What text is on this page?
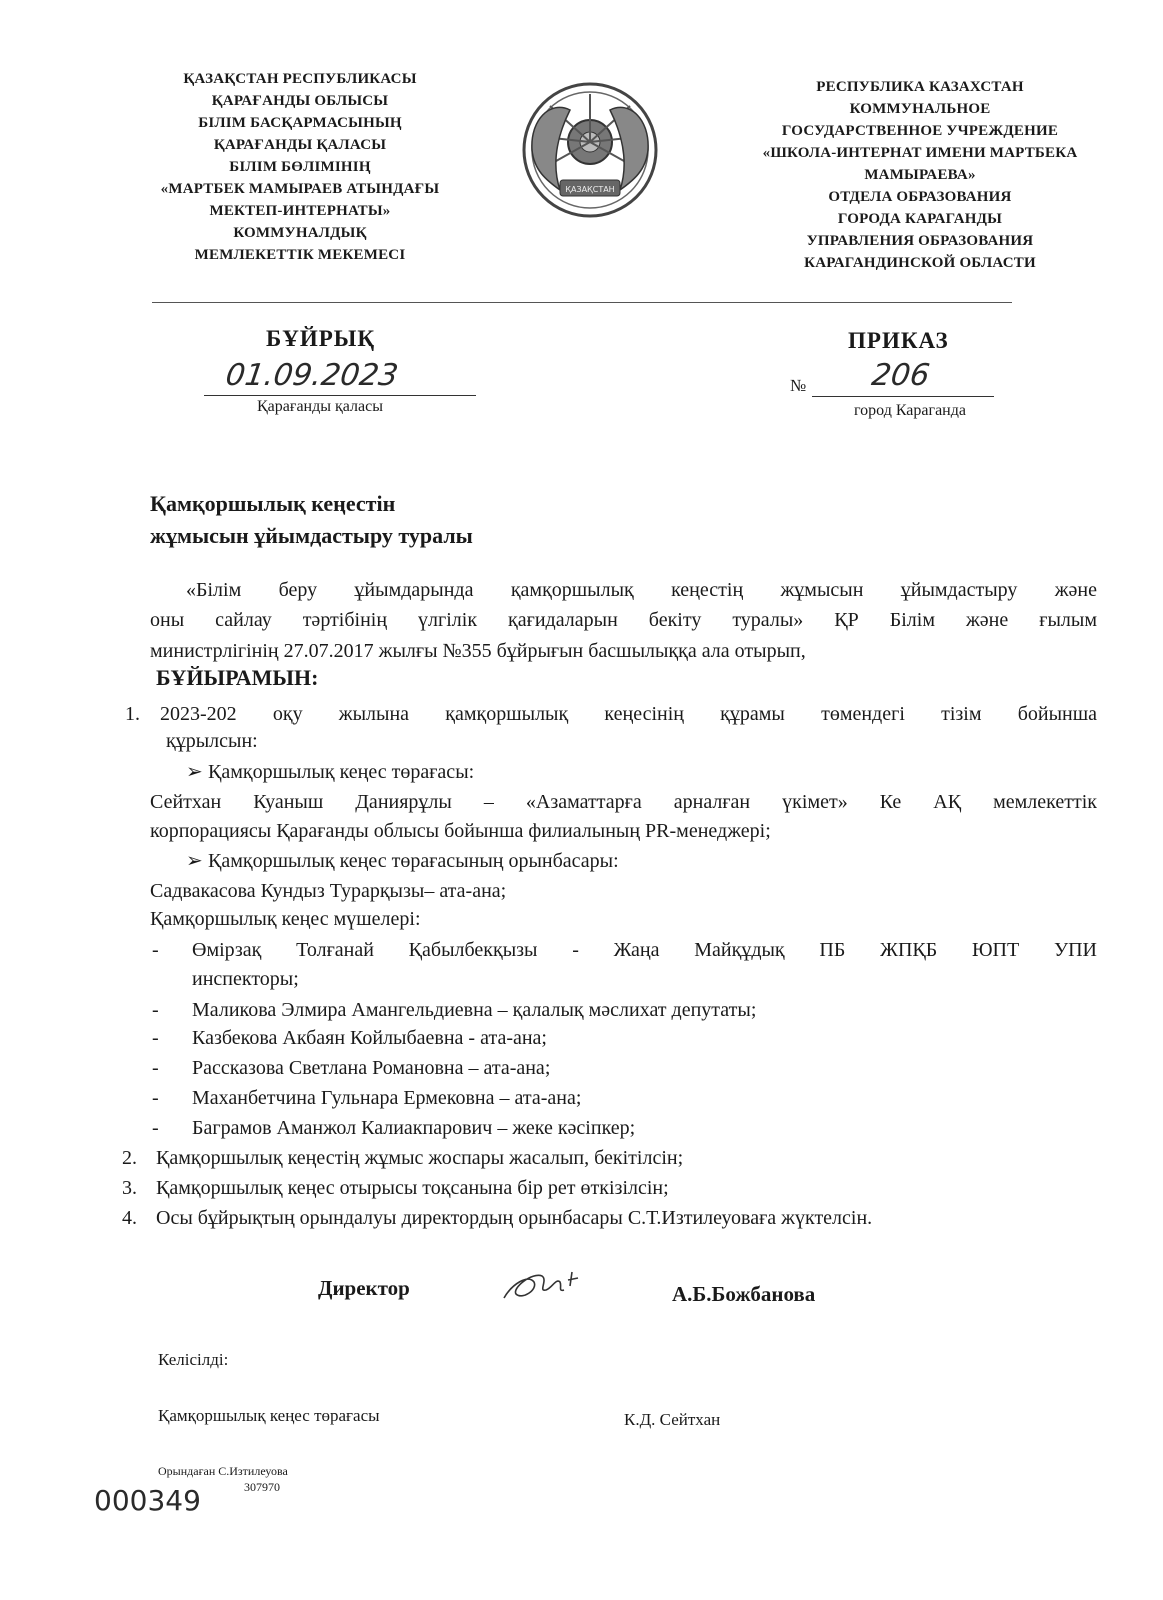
ҚАЗАҚСТАН РЕСПУБЛИКАСЫ
ҚАРАҒАНДЫ ОБЛЫСЫ
БІЛІМ БАСҚАРМАСЫНЫҢ
ҚАРАҒАНДЫ ҚАЛАСЫ
БІЛІМ БӨЛІМІНІҢ
«МАРТБЕК МАМЫРАЕВ АТЫНДАҒЫ
МЕКТЕП-ИНТЕРНАТЫ»
КОММУНАЛДЫҚ
МЕМЛЕКЕТТІК МЕКЕМЕСІ
ҚАЗАҚСТАН
РЕСПУБЛИКА КАЗАХСТАН
КОММУНАЛЬНОЕ
ГОСУДАРСТВЕННОЕ УЧРЕЖДЕНИЕ
«ШКОЛА-ИНТЕРНАТ ИМЕНИ МАРТБЕКА
МАМЫРАЕВА»
ОТДЕЛА ОБРАЗОВАНИЯ
ГОРОДА КАРАГАНДЫ
УПРАВЛЕНИЯ ОБРАЗОВАНИЯ
КАРАГАНДИНСКОЙ ОБЛАСТИ
БҰЙРЫҚ	ПРИКАЗ
01.09.2023
Қарағанды қаласы
№ 206
город Караганда
Қамқоршылық кеңестін
жұмысын ұйымдастыру туралы
«Білім беру ұйымдарында қамқоршылық кеңестің жұмысын ұйымдастыру және
оны сайлау тәртібінің үлгілік қағидаларын бекіту туралы» ҚР Білім және ғылым
министрлігінің 27.07.2017 жылғы №355 бұйрығын басшылыққа ала отырып,
БҰЙЫРАМЫН:
1. 2023-202 оқу жылына қамқоршылық кеңесінің құрамы төмендегі тізім бойынша
құрылсын:
➢ Қамқоршылық кеңес төрағасы:
Сейтхан Куаныш Даниярұлы – «Азаматтарға арналған үкімет» Ке АҚ мемлекеттік
корпорациясы Қарағанды облысы бойынша филиалының PR-менеджері;
➢ Қамқоршылық кеңес төрағасының орынбасары:
Садвакасова Кундыз Турарқызы– ата-ана;
Қамқоршылық кеңес мүшелері:
- Өмірзақ Толғанай Қабылбекқызы - Жаңа Майқұдық ПБ ЖПҚБ ЮПТ УПИ
инспекторы;
- Маликова Элмира Амангельдиевна – қалалық мәслихат депутаты;
- Казбекова Акбаян Койлыбаевна - ата-ана;
- Рассказова Светлана Романовна – ата-ана;
- Маханбетчина Гульнара Ермековна – ата-ана;
- Баграмов Аманжол Калиакпарович – жеке кәсіпкер;
2. Қамқоршылық кеңестің жұмыс жоспары жасалып, бекітілсін;
3. Қамқоршылық кеңес отырысы тоқсанына бір рет өткізілсін;
4. Осы бұйрықтың орындалуы директордың орынбасары С.Т.Изтилеуоваға жүктелсін.
Директор	А.Б.Божбанова
Келісілді:
Қамқоршылық кеңес төрағасы	К.Д. Сейтхан
Орындаған С.Изтилеуова
307970
000349
